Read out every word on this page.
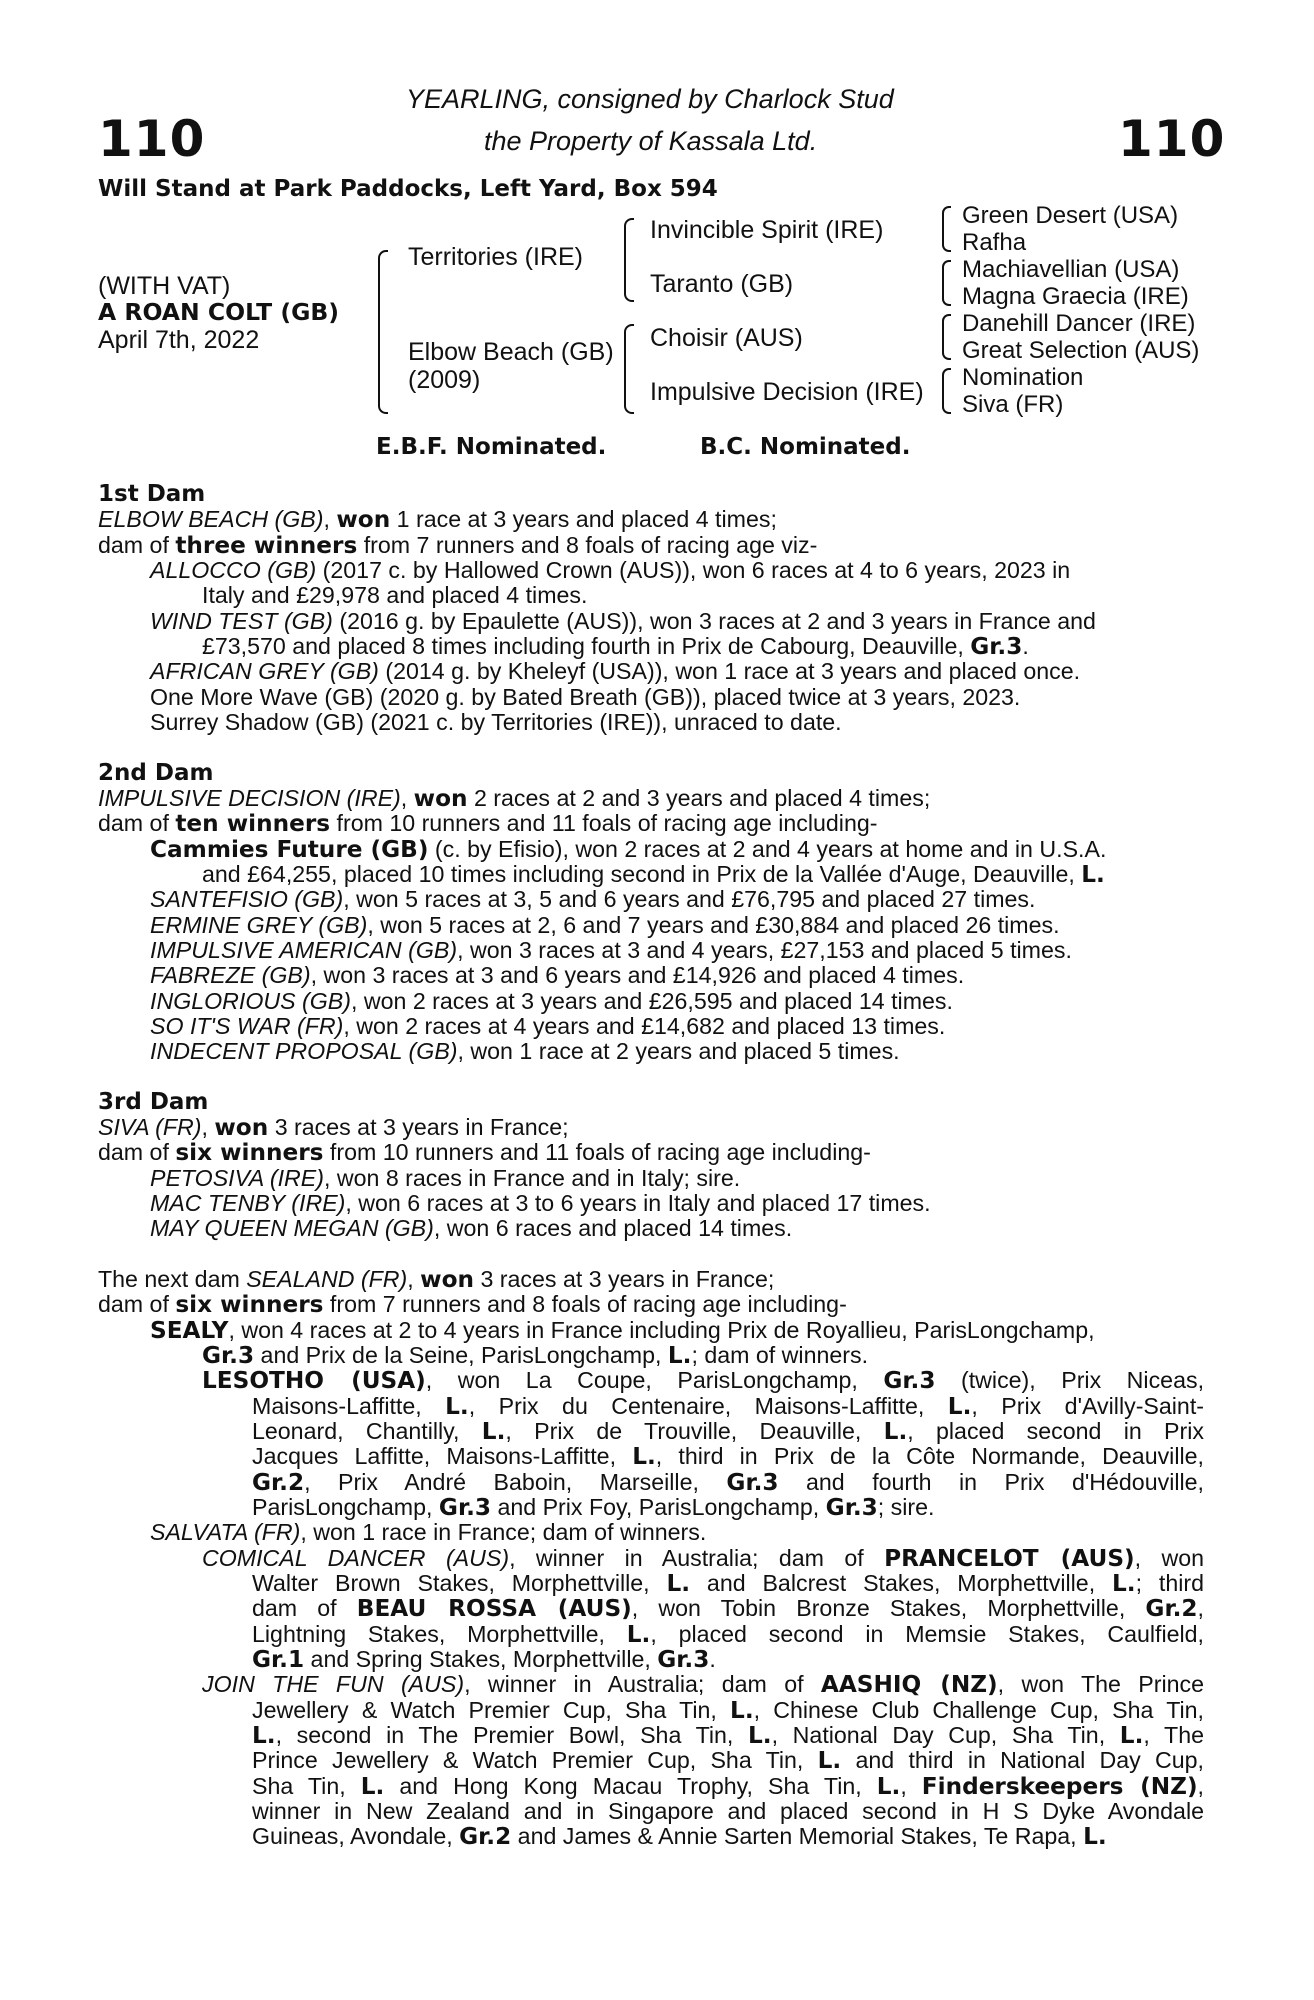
YEARLING, consigned by Charlock Stud
the Property of Kassala Ltd.
110	110
Will Stand at Park Paddocks, Left Yard, Box 594
(WITH VAT)
A ROAN COLT (GB)
April 7th, 2022
Territories (IRE)
Elbow Beach (GB)
(2009)
Invincible Spirit (IRE)
Taranto (GB)
Choisir (AUS)
Impulsive Decision (IRE)
Green Desert (USA)
Rafha
Machiavellian (USA)
Magna Graecia (IRE)
Danehill Dancer (IRE)
Great Selection (AUS)
Nomination
Siva (FR)
E.B.F. Nominated.	B.C. Nominated.
1st Dam
ELBOW BEACH (GB), won 1 race at 3 years and placed 4 times;
dam of three winners from 7 runners and 8 foals of racing age viz-
ALLOCCO (GB) (2017 c. by Hallowed Crown (AUS)), won 6 races at 4 to 6 years, 2023 in
Italy and £29,978 and placed 4 times.
WIND TEST (GB) (2016 g. by Epaulette (AUS)), won 3 races at 2 and 3 years in France and
£73,570 and placed 8 times including fourth in Prix de Cabourg, Deauville, Gr.3.
AFRICAN GREY (GB) (2014 g. by Kheleyf (USA)), won 1 race at 3 years and placed once.
One More Wave (GB) (2020 g. by Bated Breath (GB)), placed twice at 3 years, 2023.
Surrey Shadow (GB) (2021 c. by Territories (IRE)), unraced to date.
2nd Dam
IMPULSIVE DECISION (IRE), won 2 races at 2 and 3 years and placed 4 times;
dam of ten winners from 10 runners and 11 foals of racing age including-
Cammies Future (GB) (c. by Efisio), won 2 races at 2 and 4 years at home and in U.S.A.
and £64,255, placed 10 times including second in Prix de la Vallée d'Auge, Deauville, L.
SANTEFISIO (GB), won 5 races at 3, 5 and 6 years and £76,795 and placed 27 times.
ERMINE GREY (GB), won 5 races at 2, 6 and 7 years and £30,884 and placed 26 times.
IMPULSIVE AMERICAN (GB), won 3 races at 3 and 4 years, £27,153 and placed 5 times.
FABREZE (GB), won 3 races at 3 and 6 years and £14,926 and placed 4 times.
INGLORIOUS (GB), won 2 races at 3 years and £26,595 and placed 14 times.
SO IT'S WAR (FR), won 2 races at 4 years and £14,682 and placed 13 times.
INDECENT PROPOSAL (GB), won 1 race at 2 years and placed 5 times.
3rd Dam
SIVA (FR), won 3 races at 3 years in France;
dam of six winners from 10 runners and 11 foals of racing age including-
PETOSIVA (IRE), won 8 races in France and in Italy; sire.
MAC TENBY (IRE), won 6 races at 3 to 6 years in Italy and placed 17 times.
MAY QUEEN MEGAN (GB), won 6 races and placed 14 times.
The next dam SEALAND (FR), won 3 races at 3 years in France;
dam of six winners from 7 runners and 8 foals of racing age including-
SEALY, won 4 races at 2 to 4 years in France including Prix de Royallieu, ParisLongchamp,
Gr.3 and Prix de la Seine, ParisLongchamp, L.; dam of winners.
LESOTHO (USA), won La Coupe, ParisLongchamp, Gr.3 (twice), Prix Niceas,
Maisons-Laffitte, L., Prix du Centenaire, Maisons-Laffitte, L., Prix d'Avilly-Saint-
Leonard, Chantilly, L., Prix de Trouville, Deauville, L., placed second in Prix
Jacques Laffitte, Maisons-Laffitte, L., third in Prix de la Côte Normande, Deauville,
Gr.2, Prix André Baboin, Marseille, Gr.3 and fourth in Prix d'Hédouville,
ParisLongchamp, Gr.3 and Prix Foy, ParisLongchamp, Gr.3; sire.
SALVATA (FR), won 1 race in France; dam of winners.
COMICAL DANCER (AUS), winner in Australia; dam of PRANCELOT (AUS), won
Walter Brown Stakes, Morphettville, L. and Balcrest Stakes, Morphettville, L.; third
dam of BEAU ROSSA (AUS), won Tobin Bronze Stakes, Morphettville, Gr.2,
Lightning Stakes, Morphettville, L., placed second in Memsie Stakes, Caulfield,
Gr.1 and Spring Stakes, Morphettville, Gr.3.
JOIN THE FUN (AUS), winner in Australia; dam of AASHIQ (NZ), won The Prince
Jewellery & Watch Premier Cup, Sha Tin, L., Chinese Club Challenge Cup, Sha Tin,
L., second in The Premier Bowl, Sha Tin, L., National Day Cup, Sha Tin, L., The
Prince Jewellery & Watch Premier Cup, Sha Tin, L. and third in National Day Cup,
Sha Tin, L. and Hong Kong Macau Trophy, Sha Tin, L., Finderskeepers (NZ),
winner in New Zealand and in Singapore and placed second in H S Dyke Avondale
Guineas, Avondale, Gr.2 and James & Annie Sarten Memorial Stakes, Te Rapa, L.
